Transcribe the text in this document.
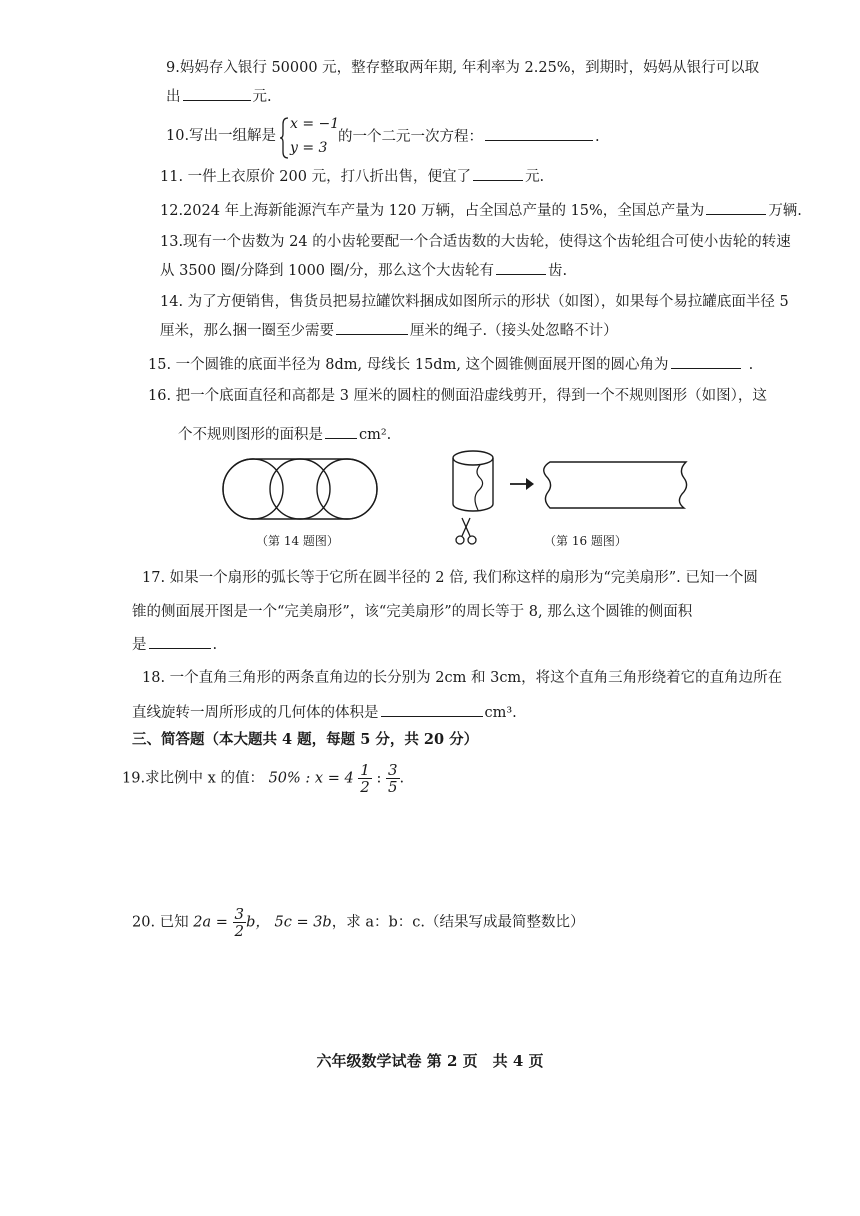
9.妈妈存入银行 50000 元，整存整取两年期, 年利率为 2.25%，到期时，妈妈从银行可以取
出	元.
10.写出一组解是
x = −1
y = 3
的一个二元一次方程：	.
11. 一件上衣原价 200 元，打八折出售，便宜了	元.
12.2024 年上海新能源汽车产量为 120 万辆，占全国总产量的 15%，全国总产量为	万辆.
13.现有一个齿数为 24 的小齿轮要配一个合适齿数的大齿轮，使得这个齿轮组合可使小齿轮的转速
从 3500 圈/分降到 1000 圈/分，那么这个大齿轮有	齿.
14. 为了方便销售，售货员把易拉罐饮料捆成如图所示的形状（如图），如果每个易拉罐底面半径 5
厘米，那么捆一圈至少需要	厘米的绳子.（接头处忽略不计）
15. 一个圆锥的底面半径为 8dm, 母线长 15dm, 这个圆锥侧面展开图的圆心角为	.
16. 把一个底面直径和高都是 3 厘米的圆柱的侧面沿虚线剪开，得到一个不规则图形（如图），这
个不规则图形的面积是 cm².
（第 14 题图）	（第 16 题图）
17. 如果一个扇形的弧长等于它所在圆半径的 2 倍, 我们称这样的扇形为“完美扇形”. 已知一个圆
锥的侧面展开图是一个“完美扇形”，该“完美扇形”的周长等于 8, 那么这个圆锥的侧面积
是	.
18. 一个直角三角形的两条直角边的长分别为 2cm 和 3cm，将这个直角三角形绕着它的直角边所在
直线旋转一周所形成的几何体的体积是	cm³.
三、简答题（本大题共 4 题，每题 5 分，共 20 分）
19.求比例中 x 的值： 50% : $x = 4 \frac{1}{2}$ : $\frac{3}{5}$ .
20. 已知 $2a = \frac{3}{2}$ b， 5c = 3b，求 a：b：c.（结果写成最简整数比）
六年级数学试卷 第 2 页　共 4 页
